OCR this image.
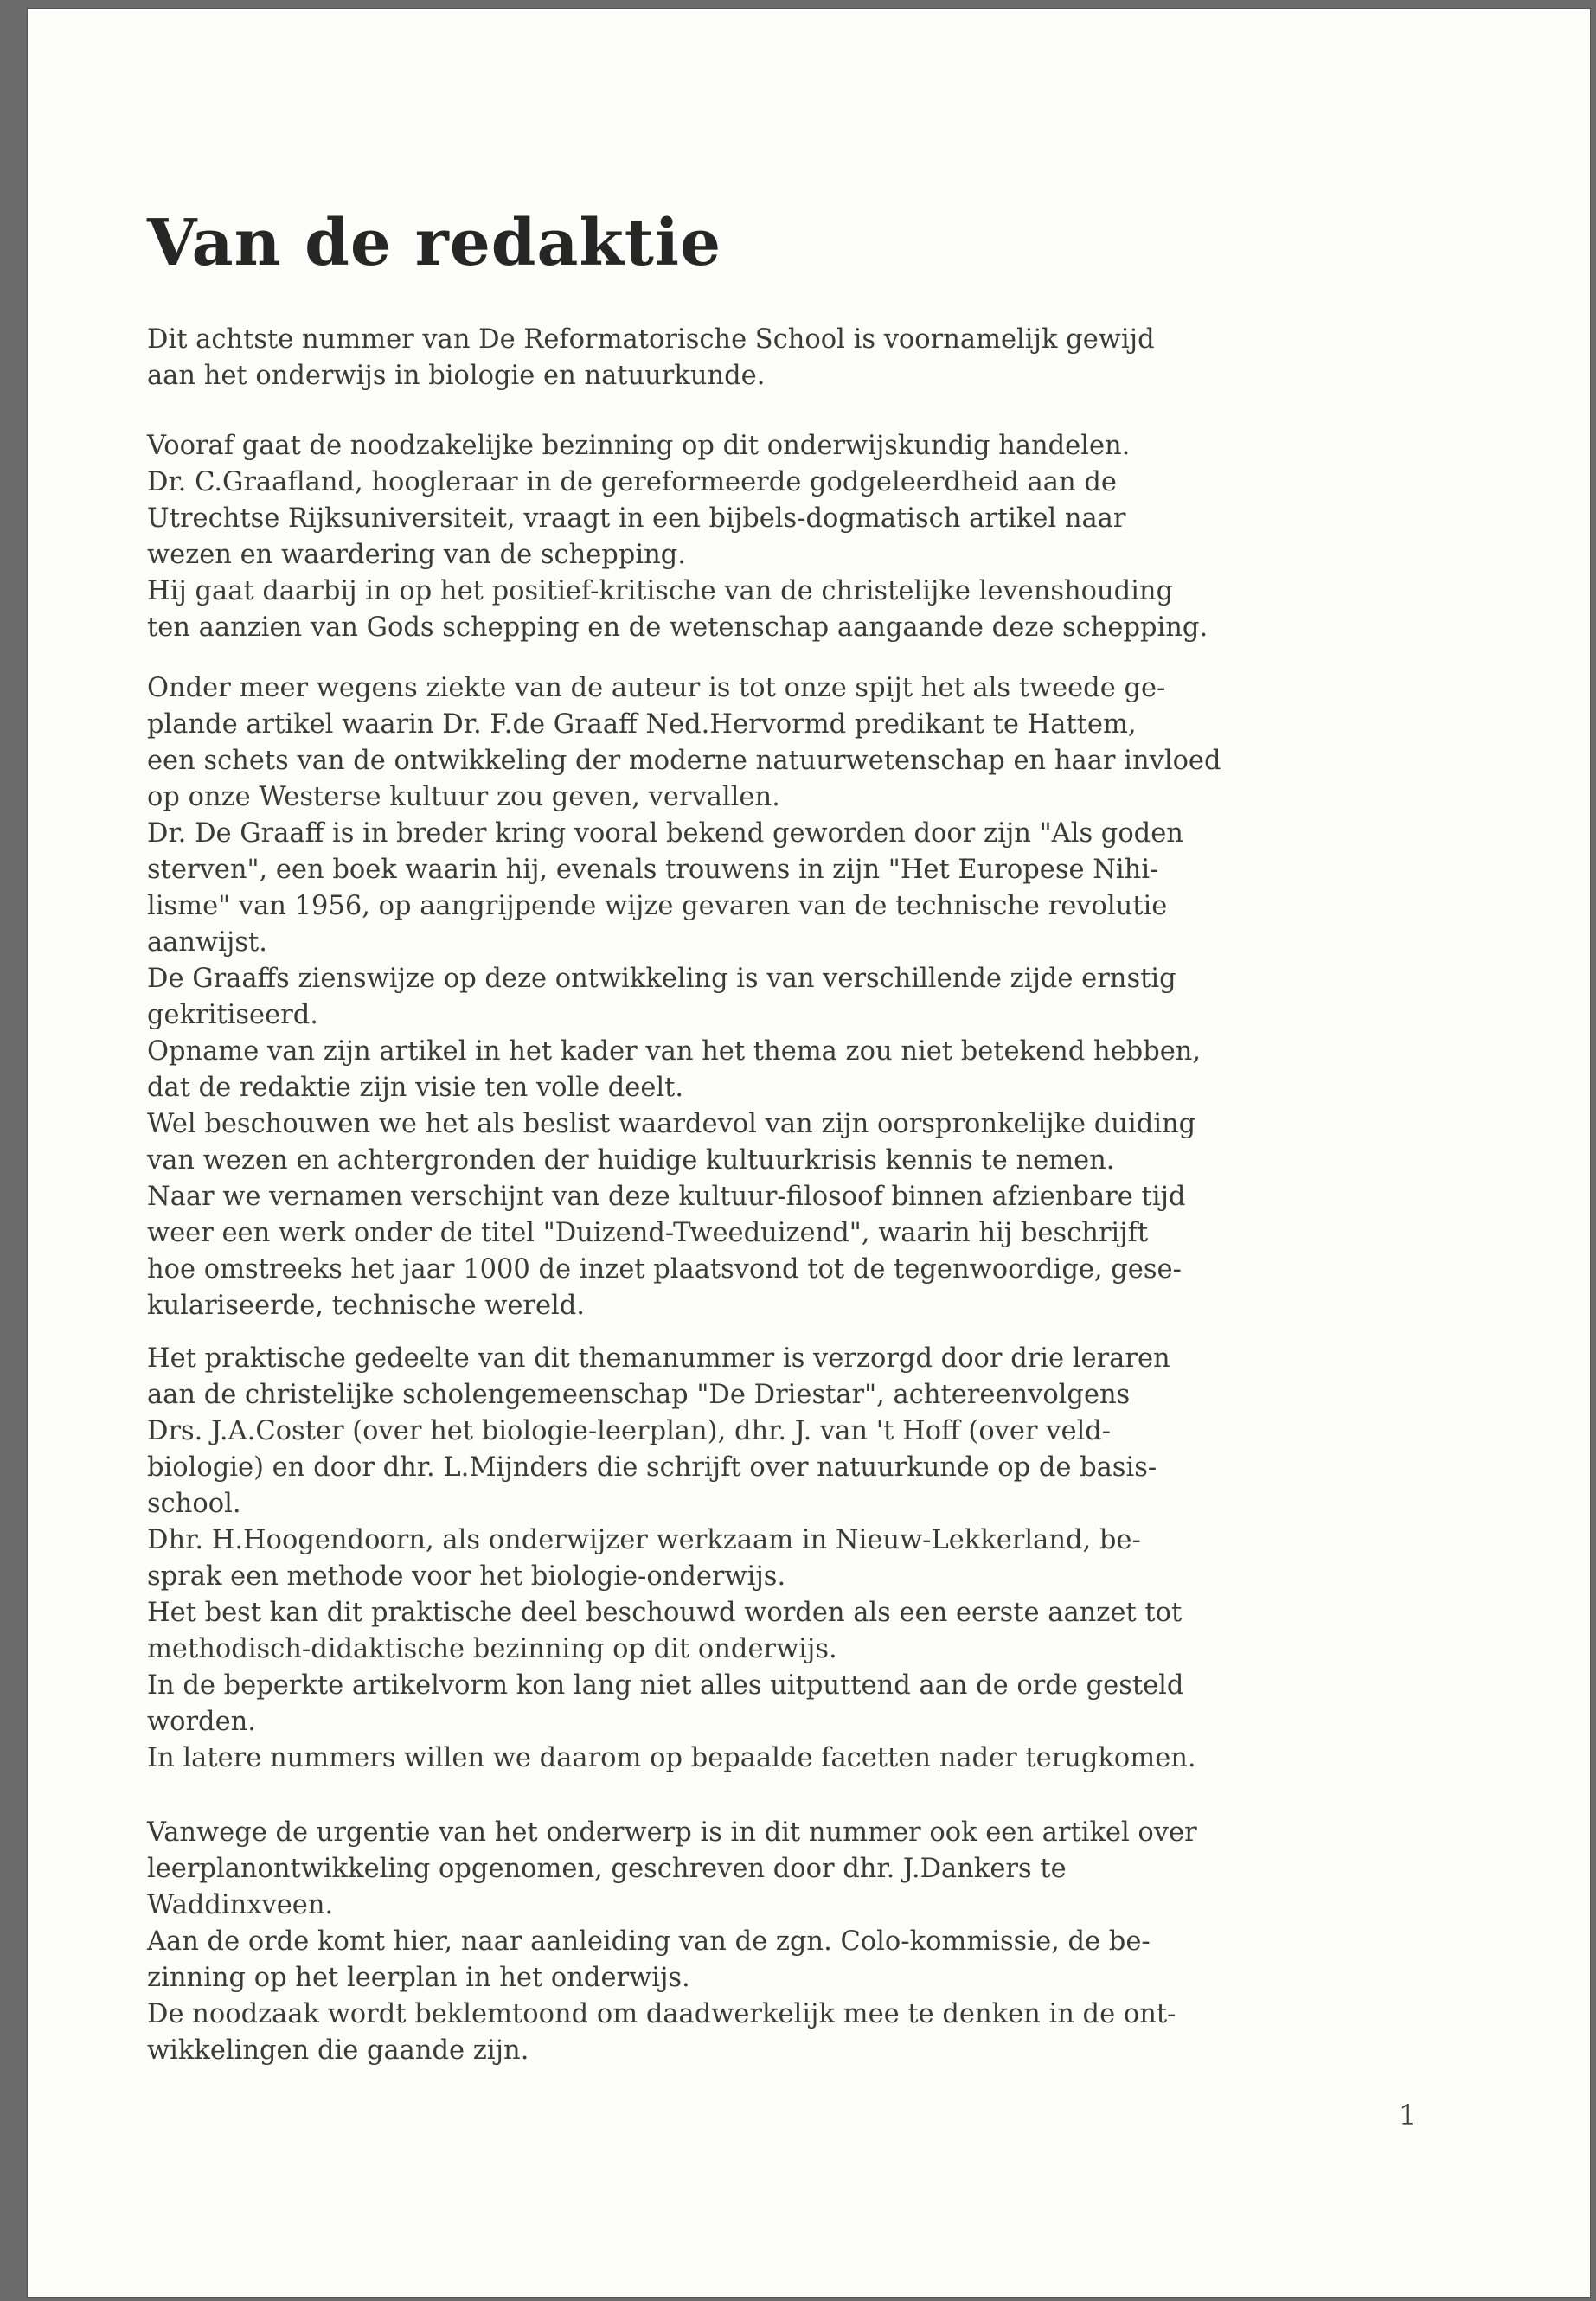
Van de redaktie
Dit achtste nummer van De Reformatorische School is voornamelijk gewijd
aan het onderwijs in biologie en natuurkunde.
Vooraf gaat de noodzakelijke bezinning op dit onderwijskundig handelen.
Dr. C.Graafland, hoogleraar in de gereformeerde godgeleerdheid aan de
Utrechtse Rijksuniversiteit, vraagt in een bijbels-dogmatisch artikel naar
wezen en waardering van de schepping.
Hij gaat daarbij in op het positief-kritische van de christelijke levenshouding
ten aanzien van Gods schepping en de wetenschap aangaande deze schepping.
Onder meer wegens ziekte van de auteur is tot onze spijt het als tweede ge-
plande artikel waarin Dr. F.de Graaff Ned.Hervormd predikant te Hattem,
een schets van de ontwikkeling der moderne natuurwetenschap en haar invloed
op onze Westerse kultuur zou geven, vervallen.
Dr. De Graaff is in breder kring vooral bekend geworden door zijn "Als goden
sterven", een boek waarin hij, evenals trouwens in zijn "Het Europese Nihi-
lisme" van 1956, op aangrijpende wijze gevaren van de technische revolutie
aanwijst.
De Graaffs zienswijze op deze ontwikkeling is van verschillende zijde ernstig
gekritiseerd.
Opname van zijn artikel in het kader van het thema zou niet betekend hebben,
dat de redaktie zijn visie ten volle deelt.
Wel beschouwen we het als beslist waardevol van zijn oorspronkelijke duiding
van wezen en achtergronden der huidige kultuurkrisis kennis te nemen.
Naar we vernamen verschijnt van deze kultuur-filosoof binnen afzienbare tijd
weer een werk onder de titel "Duizend-Tweeduizend", waarin hij beschrijft
hoe omstreeks het jaar 1000 de inzet plaatsvond tot de tegenwoordige, gese-
kulariseerde, technische wereld.
Het praktische gedeelte van dit themanummer is verzorgd door drie leraren
aan de christelijke scholengemeenschap "De Driestar", achtereenvolgens
Drs. J.A.Coster (over het biologie-leerplan), dhr. J. van 't Hoff (over veld-
biologie) en door dhr. L.Mijnders die schrijft over natuurkunde op de basis-
school.
Dhr. H.Hoogendoorn, als onderwijzer werkzaam in Nieuw-Lekkerland, be-
sprak een methode voor het biologie-onderwijs.
Het best kan dit praktische deel beschouwd worden als een eerste aanzet tot
methodisch-didaktische bezinning op dit onderwijs.
In de beperkte artikelvorm kon lang niet alles uitputtend aan de orde gesteld
worden.
In latere nummers willen we daarom op bepaalde facetten nader terugkomen.
Vanwege de urgentie van het onderwerp is in dit nummer ook een artikel over
leerplanontwikkeling opgenomen, geschreven door dhr. J.Dankers te
Waddinxveen.
Aan de orde komt hier, naar aanleiding van de zgn. Colo-kommissie, de be-
zinning op het leerplan in het onderwijs.
De noodzaak wordt beklemtoond om daadwerkelijk mee te denken in de ont-
wikkelingen die gaande zijn.
1
